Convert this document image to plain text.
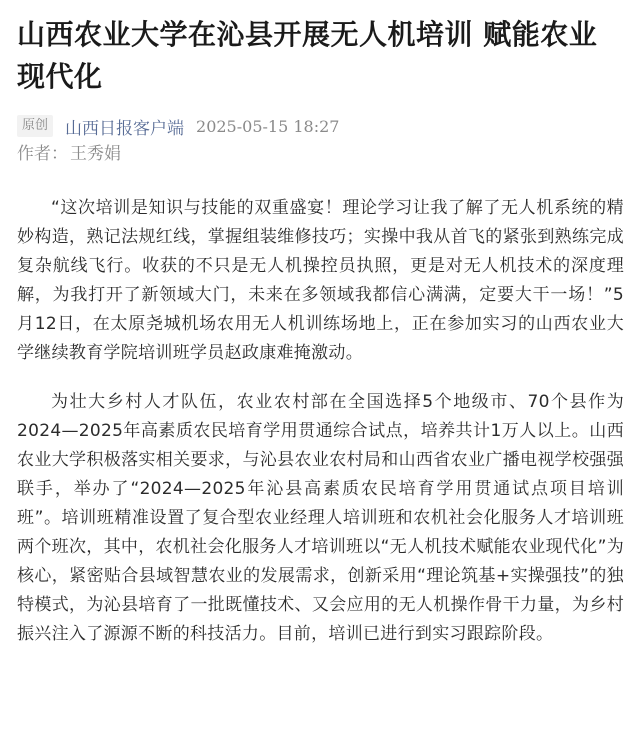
山西农业大学在沁县开展无人机培训 赋能农业现代化
原创 山西日报客户端 2025-05-15 18:27
作者： 王秀娟

“这次培训是知识与技能的双重盛宴！理论学习让我了解了无人机系统的精妙构造，熟记法规红线，掌握组装维修技巧；实操中我从首飞的紧张到熟练完成复杂航线飞行。收获的不只是无人机操控员执照，更是对无人机技术的深度理解，为我打开了新领域大门，未来在多领域我都信心满满，定要大干一场！”5月12日，在太原尧城机场农用无人机训练场地上，正在参加实习的山西农业大学继续教育学院培训班学员赵政康难掩激动。

为壮大乡村人才队伍，农业农村部在全国选择5个地级市、70个县作为2024—2025年高素质农民培育学用贯通综合试点，培养共计1万人以上。山西农业大学积极落实相关要求，与沁县农业农村局和山西省农业广播电视学校强强联手，举办了“2024—2025年沁县高素质农民培育学用贯通试点项目培训班”。培训班精准设置了复合型农业经理人培训班和农机社会化服务人才培训班两个班次，其中，农机社会化服务人才培训班以“无人机技术赋能农业现代化”为核心，紧密贴合县域智慧农业的发展需求，创新采用“理论筑基+实操强技”的独特模式，为沁县培育了一批既懂技术、又会应用的无人机操作骨干力量，为乡村振兴注入了源源不断的科技活力。目前，培训已进行到实习跟踪阶段。
